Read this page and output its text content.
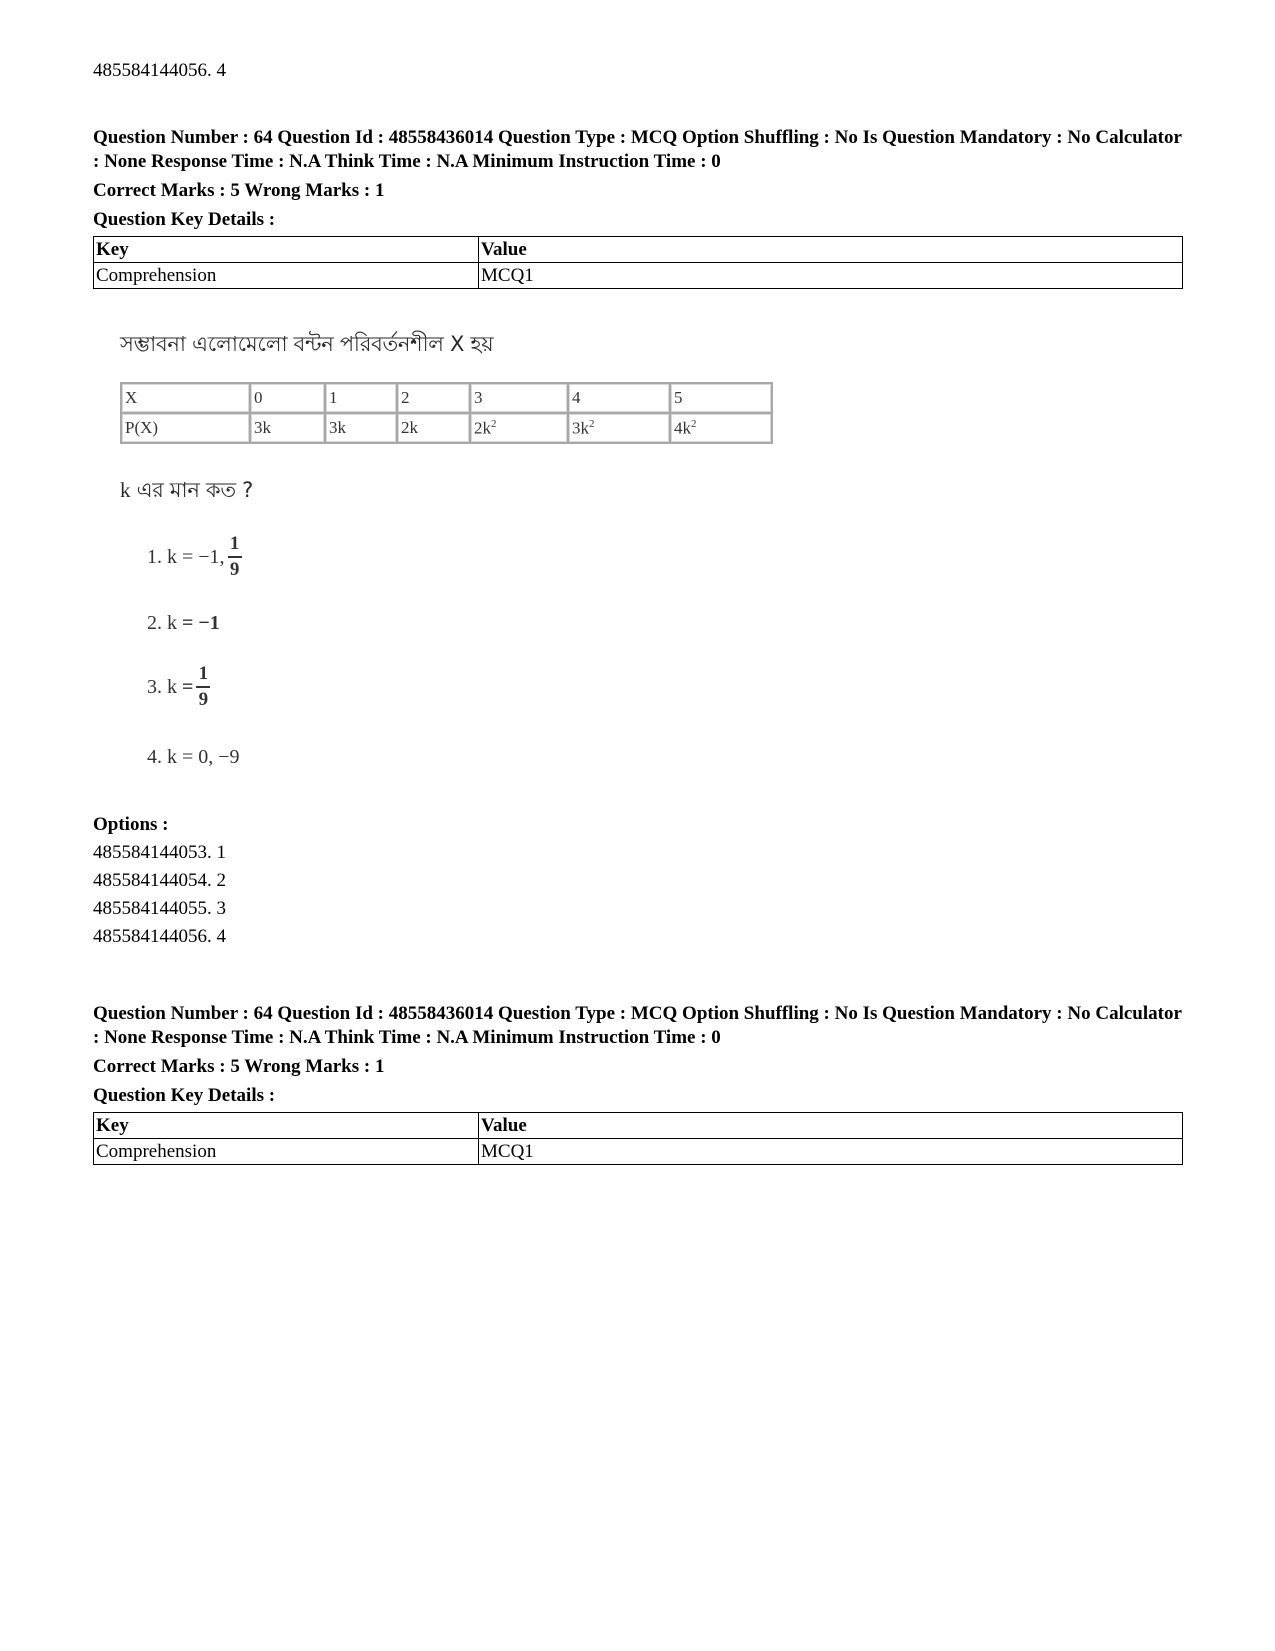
485584144056. 4
Question Number : 64 Question Id : 48558436014 Question Type : MCQ Option Shuffling : No Is Question Mandatory : No Calculator : None Response Time : N.A Think Time : N.A Minimum Instruction Time : 0
Correct Marks : 5 Wrong Marks : 1
Question Key Details :
Key	Value
Comprehension	MCQ1
সম্ভাবনা এলোমেলো বন্টন পরিবর্তনশীল X হয়
X	0	1	2	3	4	5
P(X)	3k	3k	2k	$2k^2$	$3k^2$	$4k^2$
k এর মান কত ?
1. k = −1, $\frac{1}{9}$
2. k = −1
3. $k = \frac{1}{9}$
4. k = 0, −9
Options :
485584144053. 1
485584144054. 2
485584144055. 3
485584144056. 4
Question Number : 64 Question Id : 48558436014 Question Type : MCQ Option Shuffling : No Is Question Mandatory : No Calculator : None Response Time : N.A Think Time : N.A Minimum Instruction Time : 0
Correct Marks : 5 Wrong Marks : 1
Question Key Details :
Key	Value
Comprehension	MCQ1
